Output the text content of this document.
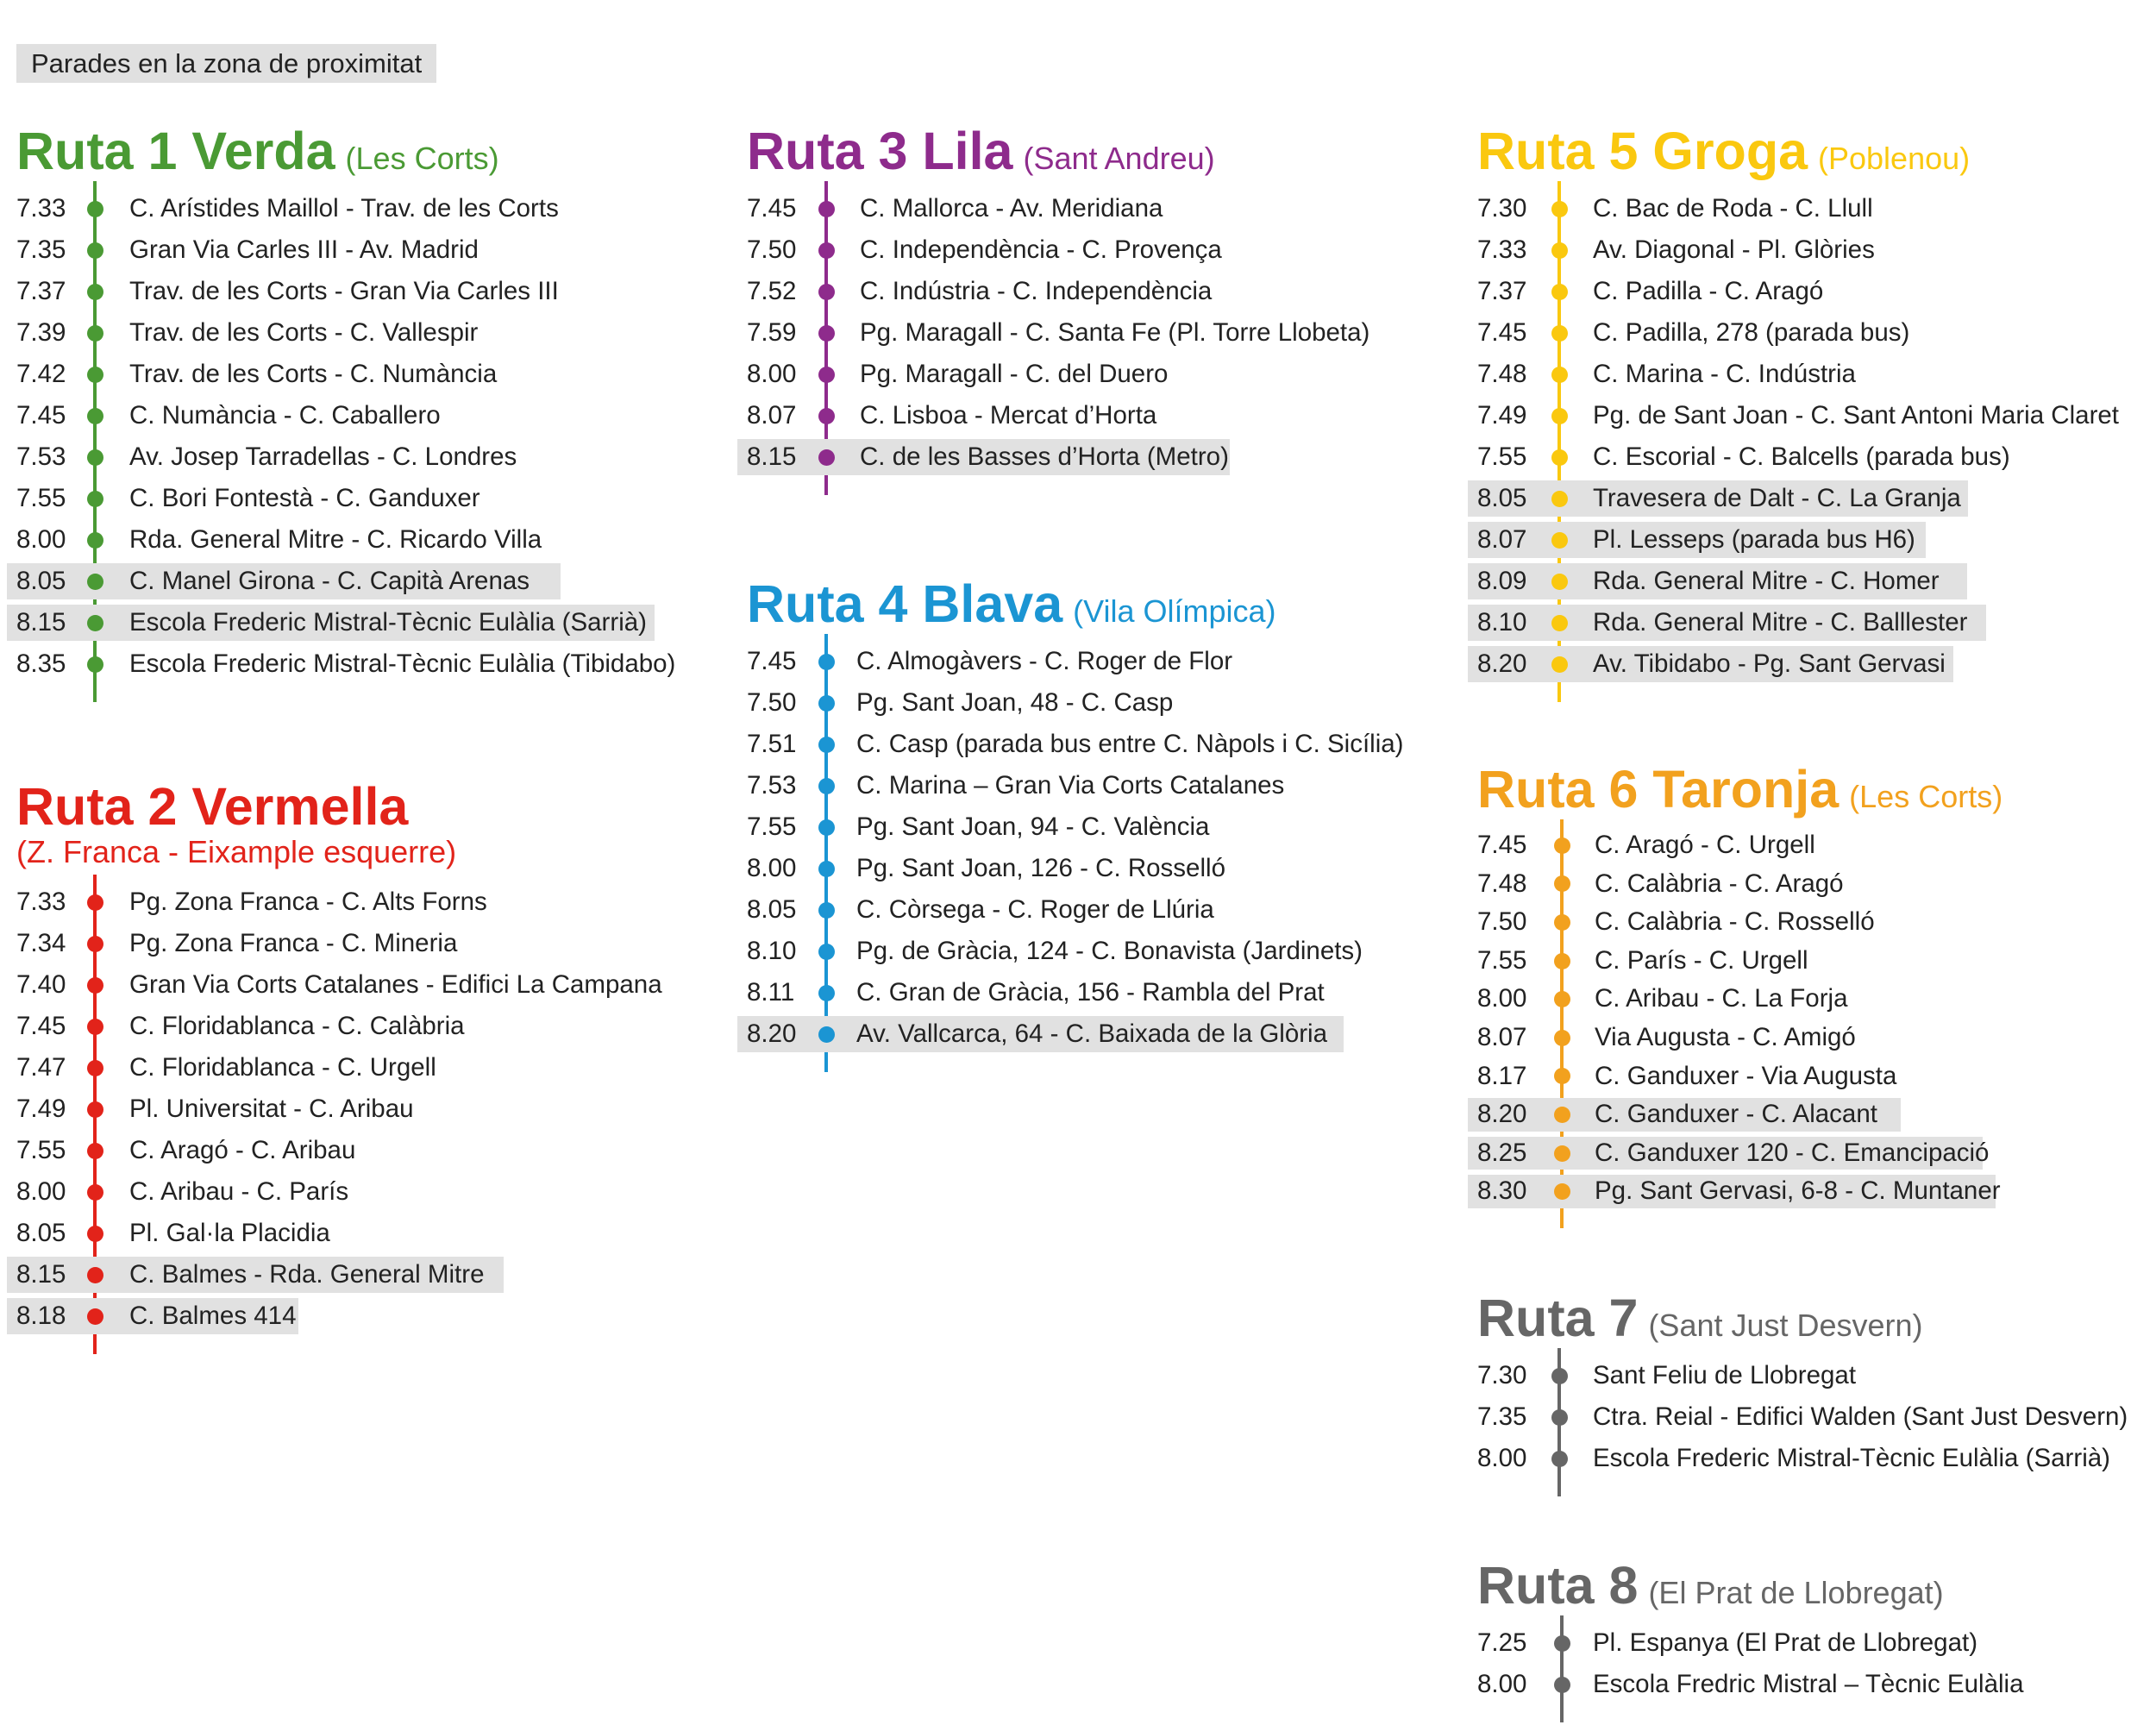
Parades en la zona de proximitat
Ruta 1 Verda (Les Corts)
7.33 C. Arístides Maillol - Trav. de les Corts
7.35 Gran Via Carles III - Av. Madrid
7.37 Trav. de les Corts - Gran Via Carles III
7.39 Trav. de les Corts - C. Vallespir
7.42 Trav. de les Corts - C. Numància
7.45 C. Numància - C. Caballero
7.53 Av. Josep Tarradellas - C. Londres
7.55 C. Bori Fontestà - C. Ganduxer
8.00 Rda. General Mitre - C. Ricardo Villa
8.05 C. Manel Girona - C. Capità Arenas
8.15 Escola Frederic Mistral-Tècnic Eulàlia (Sarrià)
8.35 Escola Frederic Mistral-Tècnic Eulàlia (Tibidabo)
Ruta 2 Vermella
(Z. Franca - Eixample esquerre)
7.33 Pg. Zona Franca - C. Alts Forns
7.34 Pg. Zona Franca - C. Mineria
7.40 Gran Via Corts Catalanes - Edifici La Campana
7.45 C. Floridablanca - C. Calàbria
7.47 C. Floridablanca - C. Urgell
7.49 Pl. Universitat - C. Aribau
7.55 C. Aragó - C. Aribau
8.00 C. Aribau - C. París
8.05 Pl. Gal·la Placidia
8.15 C. Balmes - Rda. General Mitre
8.18 C. Balmes 414
Ruta 3 Lila (Sant Andreu)
7.45 C. Mallorca - Av. Meridiana
7.50 C. Independència - C. Provença
7.52 C. Indústria - C. Independència
7.59 Pg. Maragall - C. Santa Fe (Pl. Torre Llobeta)
8.00 Pg. Maragall - C. del Duero
8.07 C. Lisboa - Mercat d’Horta
8.15 C. de les Basses d’Horta (Metro)
Ruta 4 Blava (Vila Olímpica)
7.45 C. Almogàvers - C. Roger de Flor
7.50 Pg. Sant Joan, 48 - C. Casp
7.51 C. Casp (parada bus entre C. Nàpols i C. Sicília)
7.53 C. Marina – Gran Via Corts Catalanes
7.55 Pg. Sant Joan, 94 - C. València
8.00 Pg. Sant Joan, 126 - C. Rosselló
8.05 C. Còrsega - C. Roger de Llúria
8.10 Pg. de Gràcia, 124 - C. Bonavista (Jardinets)
8.11 C. Gran de Gràcia, 156 - Rambla del Prat
8.20 Av. Vallcarca, 64 - C. Baixada de la Glòria
Ruta 5 Groga (Poblenou)
7.30	C. Bac de Roda - C. Llull
7.33	Av. Diagonal - Pl. Glòries
7.37	C. Padilla - C. Aragó
7.45	C. Padilla, 278 (parada bus)
7.48	C. Marina - C. Indústria
7.49	Pg. de Sant Joan - C. Sant Antoni Maria Claret
7.55	C. Escorial - C. Balcells (parada bus)
8.05	Travesera de Dalt - C. La Granja
8.07	Pl. Lesseps (parada bus H6)
8.09	Rda. General Mitre - C. Homer
8.10	Rda. General Mitre - C. Balllester
8.20	Av. Tibidabo - Pg. Sant Gervasi
Ruta 6 Taronja (Les Corts)
7.45	C. Aragó - C. Urgell
7.48	C. Calàbria - C. Aragó
7.50	C. Calàbria - C. Rosselló
7.55	C. París - C. Urgell
8.00	C. Aribau - C. La Forja
8.07	Via Augusta - C. Amigó
8.17	C. Ganduxer - Via Augusta
8.20	C. Ganduxer - C. Alacant
8.25	C. Ganduxer 120 - C. Emancipació
8.30	Pg. Sant Gervasi, 6-8 - C. Muntaner
Ruta 7 (Sant Just Desvern)
7.30	Sant Feliu de Llobregat
7.35	Ctra. Reial - Edifici Walden (Sant Just Desvern)
8.00	Escola Frederic Mistral-Tècnic Eulàlia (Sarrià)
Ruta 8 (El Prat de Llobregat)
7.25	Pl. Espanya (El Prat de Llobregat)
8.00	Escola Fredric Mistral – Tècnic Eulàlia
